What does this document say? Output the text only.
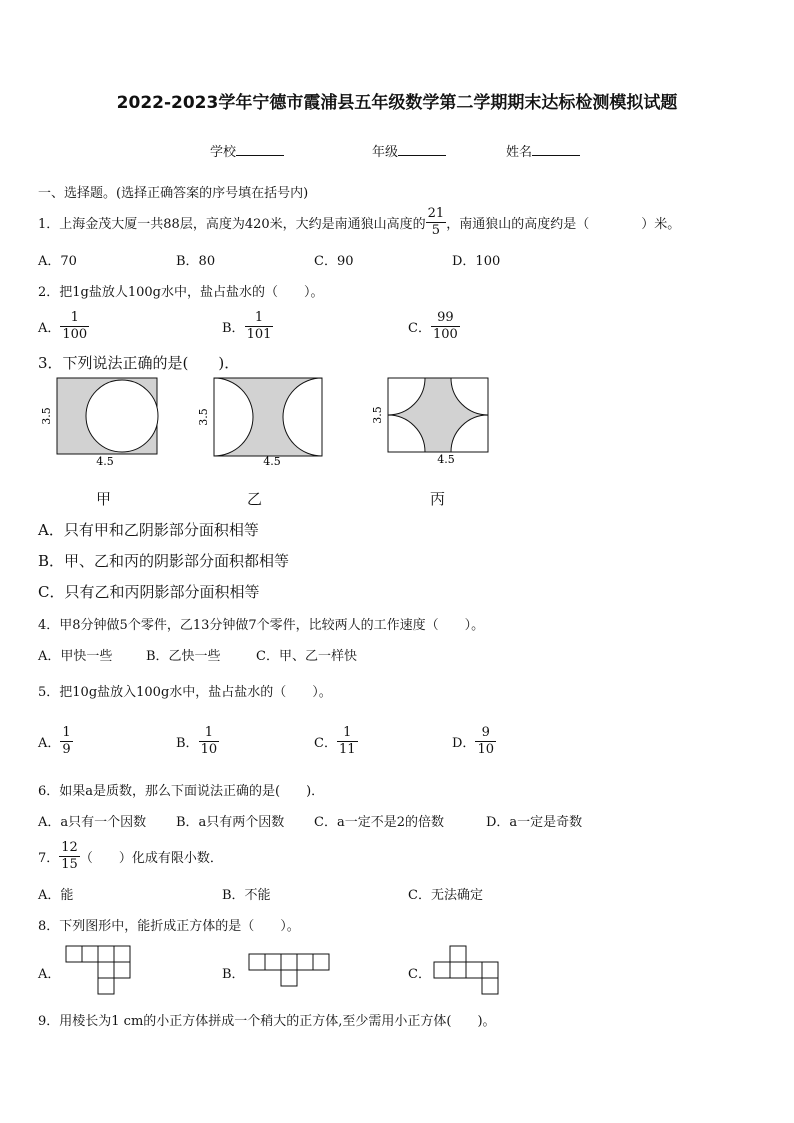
2022-2023学年宁德市霞浦县五年级数学第二学期期末达标检测模拟试题
学校	年级	姓名
一、选择题。(选择正确答案的序号填在括号内)
1．上海金茂大厦一共88层，高度为420米，大约是南通狼山高度的 $\frac{21}{5}$ ，南通狼山的高度约是（　　　　）米。
A．70	B．80	C．90	D．100
2．把1g盐放人100g水中，盐占盐水的（　　）。
A． $\frac{1}{100}$	B． $\frac{1}{101}$	C． $\frac{99}{100}$
3．下列说法正确的是(　　)．
3.5
4.5
3.5
4.5
3.5
4.5
甲	乙	丙
A．只有甲和乙阴影部分面积相等
B．甲、乙和丙的阴影部分面积都相等
C．只有乙和丙阴影部分面积相等
4．甲8分钟做5个零件，乙13分钟做7个零件，比较两人的工作速度（　　）。
A．甲快一些	B．乙快一些	C．甲、乙一样快
5．把10g盐放入100g水中，盐占盐水的（　　）。
A． $\frac{1}{9}$	B． $\frac{1}{10}$	C． $\frac{1}{11}$	D． $\frac{9}{10}$
6．如果a是质数，那么下面说法正确的是(　　)．
A．a只有一个因数 B．a只有两个因数 C．a一定不是2的倍数	D．a一定是奇数
7． $\frac{12}{15}$ （　　）化成有限小数．
A．能	B．不能	C．无法确定
8．下列图形中，能折成正方体的是（　　）。
A．	B．	C．
9．用棱长为1 cm的小正方体拼成一个稍大的正方体,至少需用小正方体(　　)。
